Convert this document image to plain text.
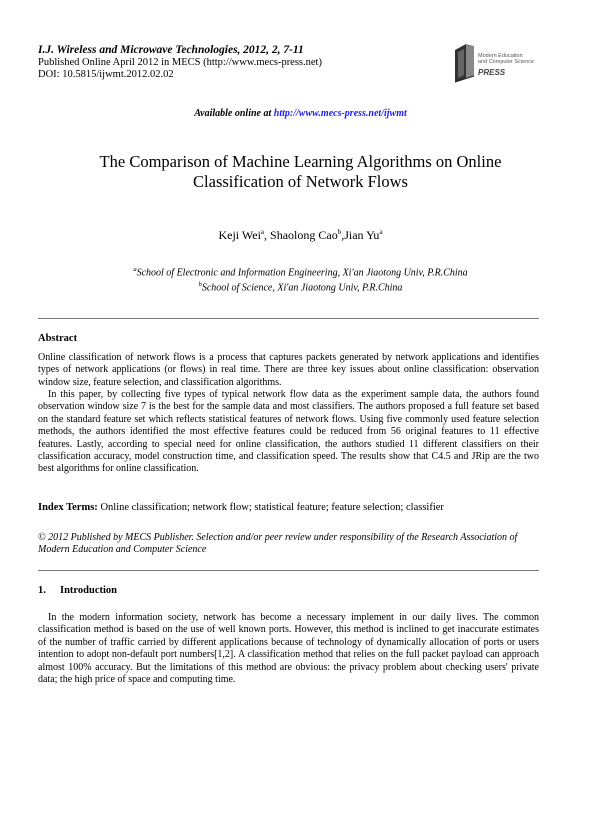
I.J. Wireless and Microwave Technologies, 2012, 2, 7-11
Published Online April 2012 in MECS (http://www.mecs-press.net)
DOI: 10.5815/ijwmt.2012.02.02
Modern Education
and Computer Science
PRESS
Available online at http://www.mecs-press.net/ijwmt
The Comparison of Machine Learning Algorithms on Online
Classification of Network Flows
Keji Wei$^a$, Shaolong Cao$^b$,Jian Yu$^a$
$^a$School of Electronic and Information Engineering, Xi'an Jiaotong Univ, P.R.China
$^b$School of Science, Xi'an Jiaotong Univ, P.R.China
Abstract
Online classification of network flows is a process that captures packets generated by network applications and identifies types of network applications (or flows) in real time. There are three key issues about online classification: observation window size, feature selection, and classification algorithms.
In this paper, by collecting five types of typical network flow data as the experiment sample data, the authors found observation window size 7 is the best for the sample data and most classifiers. The authors proposed a full feature set based on the standard feature set which reflects statistical features of network flows. Using five commonly used feature selection methods, the authors identified the most effective features could be reduced from 56 original features to 11 effective features. Lastly, according to special need for online classification, the authors studied 11 different classifiers on their classification accuracy, model construction time, and classification speed. The results show that C4.5 and JRip are the two best algorithms for online classification.
Index Terms: Online classification; network flow; statistical feature; feature selection; classifier
© 2012 Published by MECS Publisher. Selection and/or peer review under responsibility of the Research Association of Modern Education and Computer Science
1. Introduction
In the modern information society, network has become a necessary implement in our daily lives. The common classification method is based on the use of well known ports. However, this method is inclined to get inaccurate estimates of the number of traffic carried by different applications because of technology of dynamically allocation of ports or users intention to adopt non-default port numbers[1,2]. A classification method that relies on the full packet payload can approach almost 100% accuracy. But the limitations of this method are obvious: the privacy problem about checking users' private data; the high price of space and computing time.
